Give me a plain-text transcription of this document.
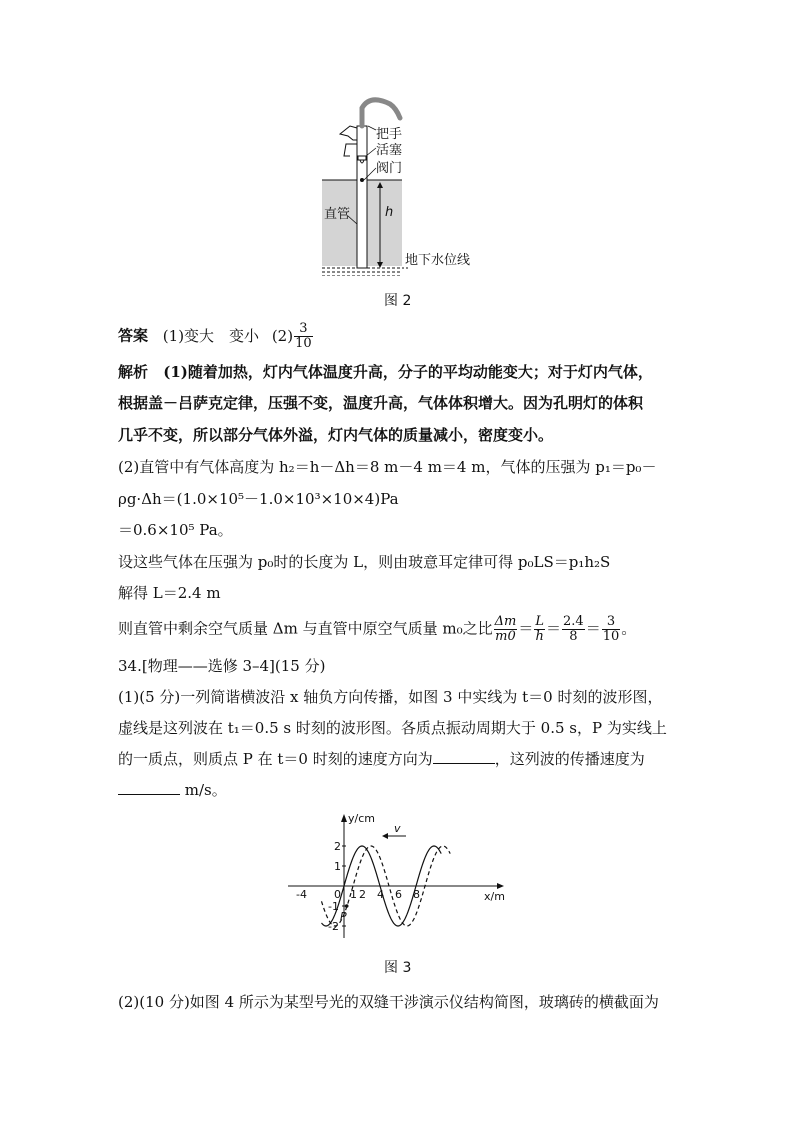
把手
活塞
阀门
直管	h
地下水位线
图 2
答案 (1)变大　变小 $(2) \frac{3}{10}$
解析 (1)随着加热，灯内气体温度升高，分子的平均动能变大；对于灯内气体，
根据盖－吕萨克定律，压强不变，温度升高，气体体积增大。因为孔明灯的体积
几乎不变，所以部分气体外溢，灯内气体的质量减小，密度变小。
(2)直管中有气体高度为 h₂＝h－Δh＝8 m－4 m＝4 m，气体的压强为 p₁＝p₀－
ρg·Δh＝(1.0×10⁵－1.0×10³×10×4)Pa
＝0.6×10⁵ Pa。
设这些气体在压强为 p₀时的长度为 L，则由玻意耳定律可得 p₀LS＝p₁h₂S
解得 L＝2.4 m
则直管中剩余空气质量 Δm 与直管中原空气质量 m₀之比 $\frac{\Delta m}{m0} = \frac{L}{h} = \frac{2.4}{8} = \frac{3}{10}$ 。
34.[物理——选修 3–4](15 分)
(1)(5 分)一列简谐横波沿 x 轴负方向传播，如图 3 中实线为 t＝0 时刻的波形图，
虚线是这列波在 t₁＝0.5 s 时刻的波形图。各质点振动周期大于 0.5 s，P 为实线上
的一质点，则质点 P 在 t＝0 时刻的速度方向为	，这列波的传播速度为
m/s。
y/cm
x/m
0
v
P
-4	1 2 4 6 8
2
1
-1
-2
图 3
(2)(10 分)如图 4 所示为某型号光的双缝干涉演示仪结构简图，玻璃砖的横截面为
